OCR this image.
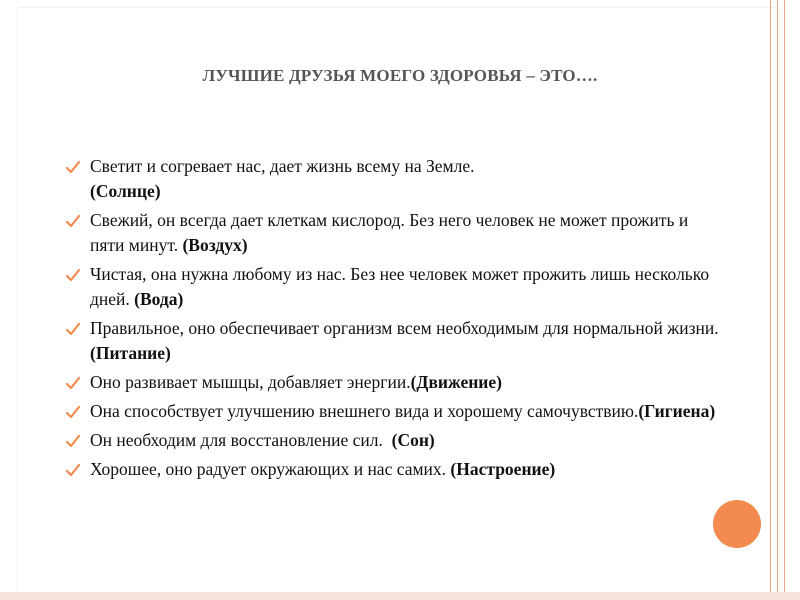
ЛУЧШИЕ ДРУЗЬЯ МОЕГО ЗДОРОВЬЯ – ЭТО….
Светит и согревает нас, дает жизнь всему на Земле.
(Солнце)
Свежий, он всегда дает клеткам кислород. Без него человек не может прожить и пяти минут. (Воздух)
Чистая, она нужна любому из нас. Без нее человек может прожить лишь несколько дней. (Вода)
Правильное, оно обеспечивает организм всем необходимым для нормальной жизни. (Питание)
Оно развивает мышцы, добавляет энергии.(Движение)
Она способствует улучшению внешнего вида и хорошему самочувствию.(Гигиена)
Он необходим для восстановление сил. (Сон)
Хорошее, оно радует окружающих и нас самих. (Настроение)
